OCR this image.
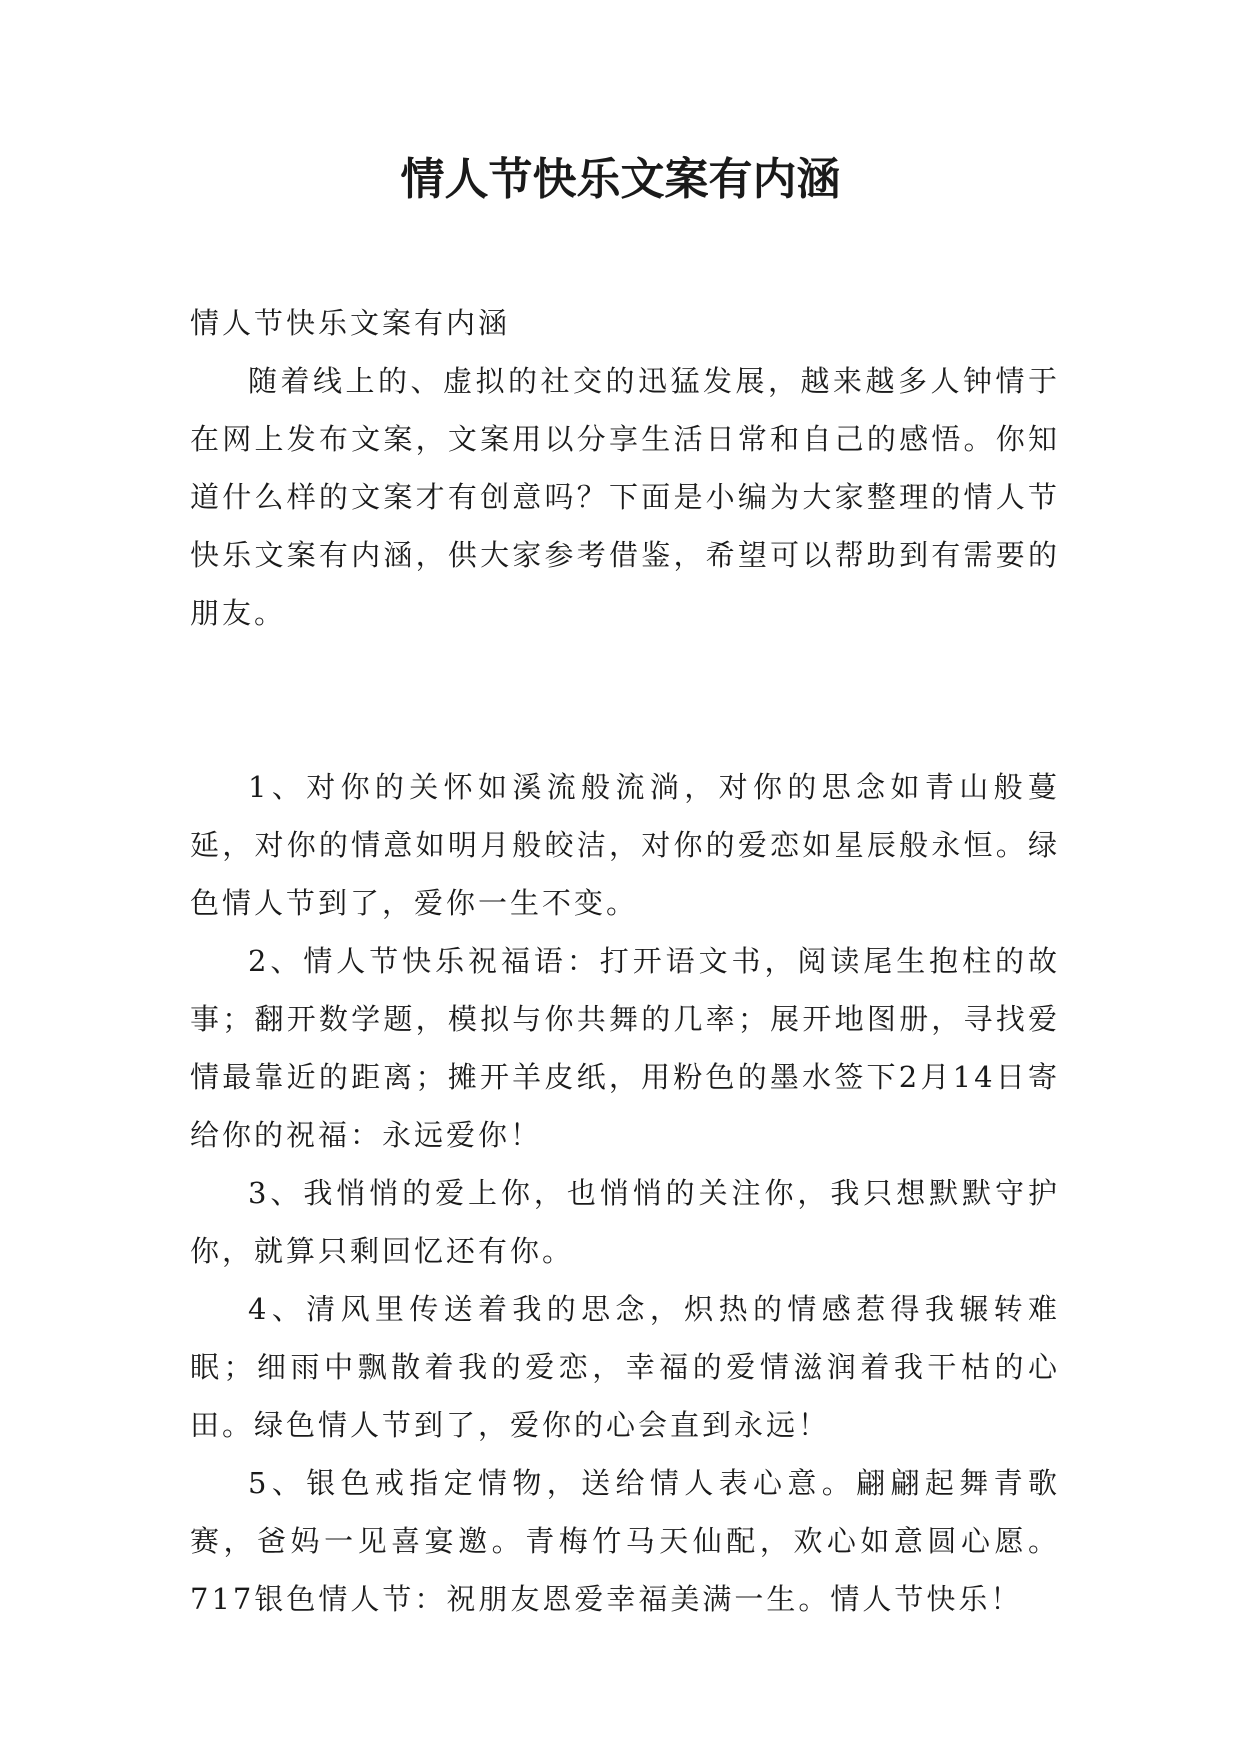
情人节快乐文案有内涵

情人节快乐文案有内涵

随着线上的、虚拟的社交的迅猛发展，越来越多人钟情于在网上发布文案，文案用以分享生活日常和自己的感悟。你知道什么样的文案才有创意吗？下面是小编为大家整理的情人节快乐文案有内涵，供大家参考借鉴，希望可以帮助到有需要的朋友。

1、对你的关怀如溪流般流淌，对你的思念如青山般蔓延，对你的情意如明月般皎洁，对你的爱恋如星辰般永恒。绿色情人节到了，爱你一生不变。

2、情人节快乐祝福语：打开语文书，阅读尾生抱柱的故事；翻开数学题，模拟与你共舞的几率；展开地图册，寻找爱情最靠近的距离；摊开羊皮纸，用粉色的墨水签下2月14日寄给你的祝福：永远爱你！

3、我悄悄的爱上你，也悄悄的关注你，我只想默默守护你，就算只剩回忆还有你。

4、清风里传送着我的思念，炽热的情感惹得我辗转难眠；细雨中飘散着我的爱恋，幸福的爱情滋润着我干枯的心田。绿色情人节到了，爱你的心会直到永远！

5、银色戒指定情物，送给情人表心意。翩翩起舞青歌赛，爸妈一见喜宴邀。青梅竹马天仙配，欢心如意圆心愿。717银色情人节：祝朋友恩爱幸福美满一生。情人节快乐！
